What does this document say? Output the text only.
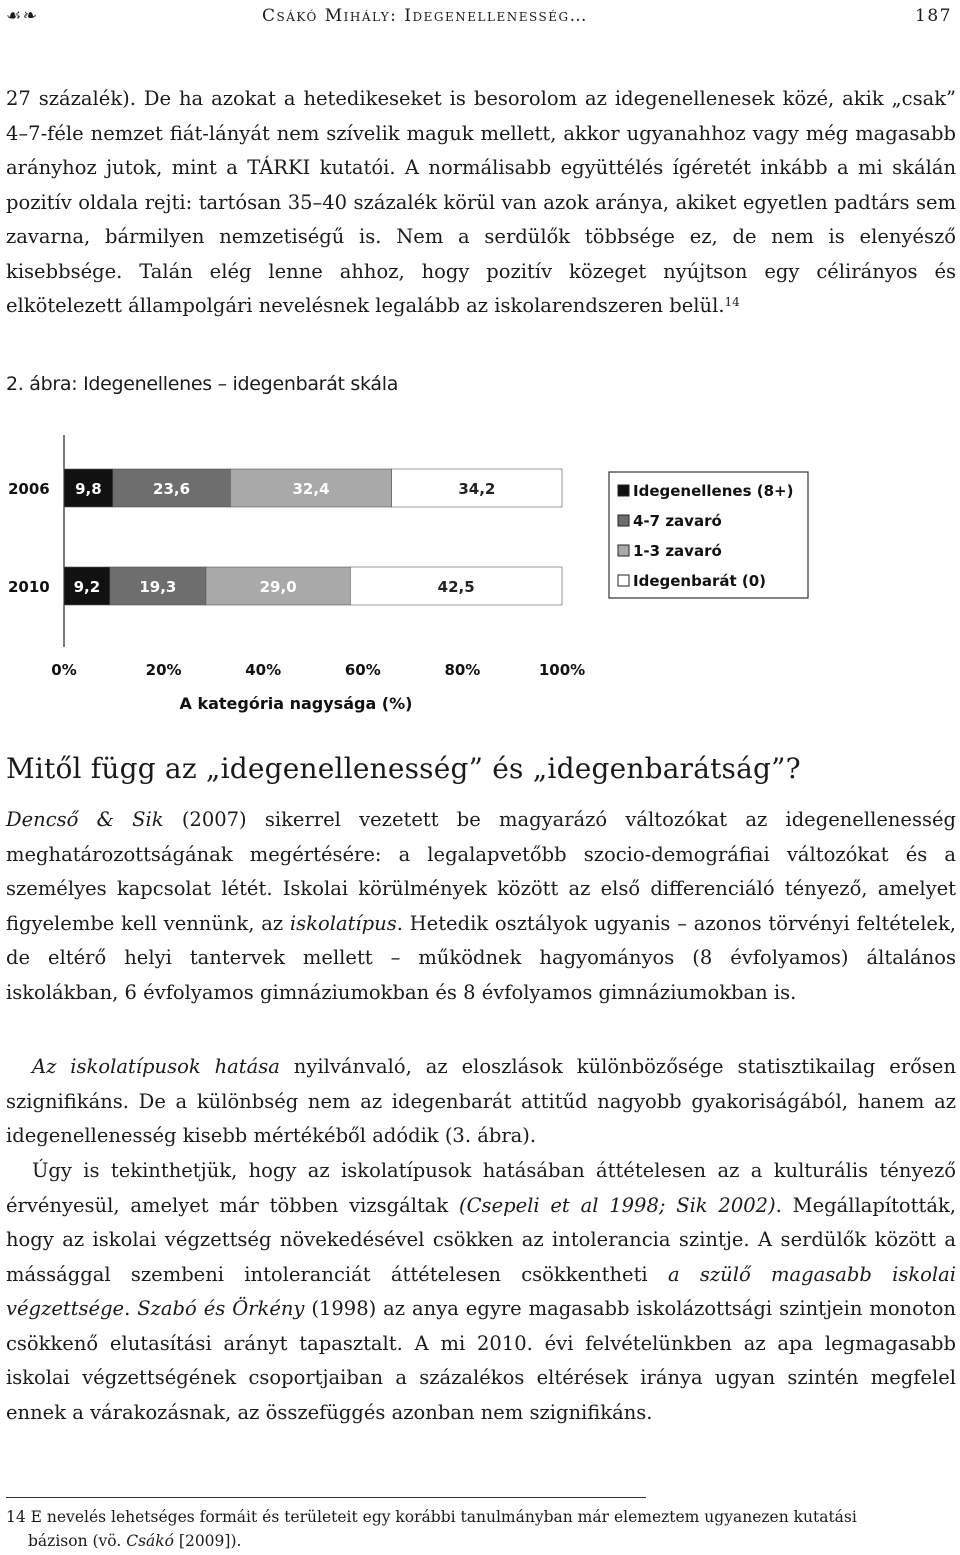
☙❧	Csákó Mihály: Idegenellenesség…	187

27 százalék). De ha azokat a hetedikeseket is besorolom az idegenellenesek közé, akik „csak” 4–7-féle nemzet fiát-lányát nem szívelik maguk mellett, akkor ugyanahhoz vagy még magasabb arányhoz jutok, mint a TÁRKI kutatói. A normálisabb együttélés ígéretét inkább a mi skálán pozitív oldala rejti: tartósan 35–40 százalék körül van azok aránya, akiket egyetlen padtárs sem zavarna, bármilyen nemzetiségű is. Nem a serdülők többsége ez, de nem is elenyésző kisebbsége. Talán elég lenne ahhoz, hogy pozitív közeget nyújtson egy célirányos és elkötelezett állampolgári nevelésnek legalább az iskolarendszeren belül.$^{14}$

2. ábra: Idegenellenes – idegenbarát skála

2006 9,8	23,6	32,4	34,2
2010 9,2	19,3	29,0	42,5
0%	20%	40%	60%	80%	100%
A kategória nagysága (%)
Idegenellenes (8+)
4-7 zavaró
1-3 zavaró
Idegenbarát (0)
Mitől függ az „idegenellenesség” és „idegenbarátság”?

Dencső & Sik (2007) sikerrel vezetett be magyarázó változókat az idegenellenesség meghatározottságának megértésére: a legalapvetőbb szocio-demográfiai változókat és a személyes kapcsolat létét. Iskolai körülmények között az első differenciáló tényező, amelyet figyelembe kell vennünk, az iskolatípus. Hetedik osztályok ugyanis – azonos törvényi feltételek, de eltérő helyi tantervek mellett – működnek hagyományos (8 évfolyamos) általános iskolákban, 6 évfolyamos gimnáziumokban és 8 évfolyamos gimnáziumokban is.

Az iskolatípusok hatása nyilvánvaló, az eloszlások különbözősége statisztikailag erősen szignifikáns. De a különbség nem az idegenbarát attitűd nagyobb gyakoriságából, hanem az idegenellenesség kisebb mértékéből adódik (3. ábra).

Úgy is tekinthetjük, hogy az iskolatípusok hatásában áttételesen az a kulturális tényező érvényesül, amelyet már többen vizsgáltak (Csepeli et al 1998; Sik 2002). Megállapították, hogy az iskolai végzettség növekedésével csökken az intolerancia szintje. A serdülők között a mássággal szembeni intoleranciát áttételesen csökkentheti a szülő magasabb iskolai végzettsége. Szabó és Örkény (1998) az anya egyre magasabb iskolázottsági szintjein monoton csökkenő elutasítási arányt tapasztalt. A mi 2010. évi felvételünkben az apa legmagasabb iskolai végzettségének csoportjaiban a százalékos eltérések iránya ugyan szintén megfelel ennek a várakozásnak, az összefüggés azonban nem szignifikáns.

14 E nevelés lehetséges formáit és területeit egy korábbi tanulmányban már elemeztem ugyanezen kutatási
bázison (vö. Csákó [2009]).
